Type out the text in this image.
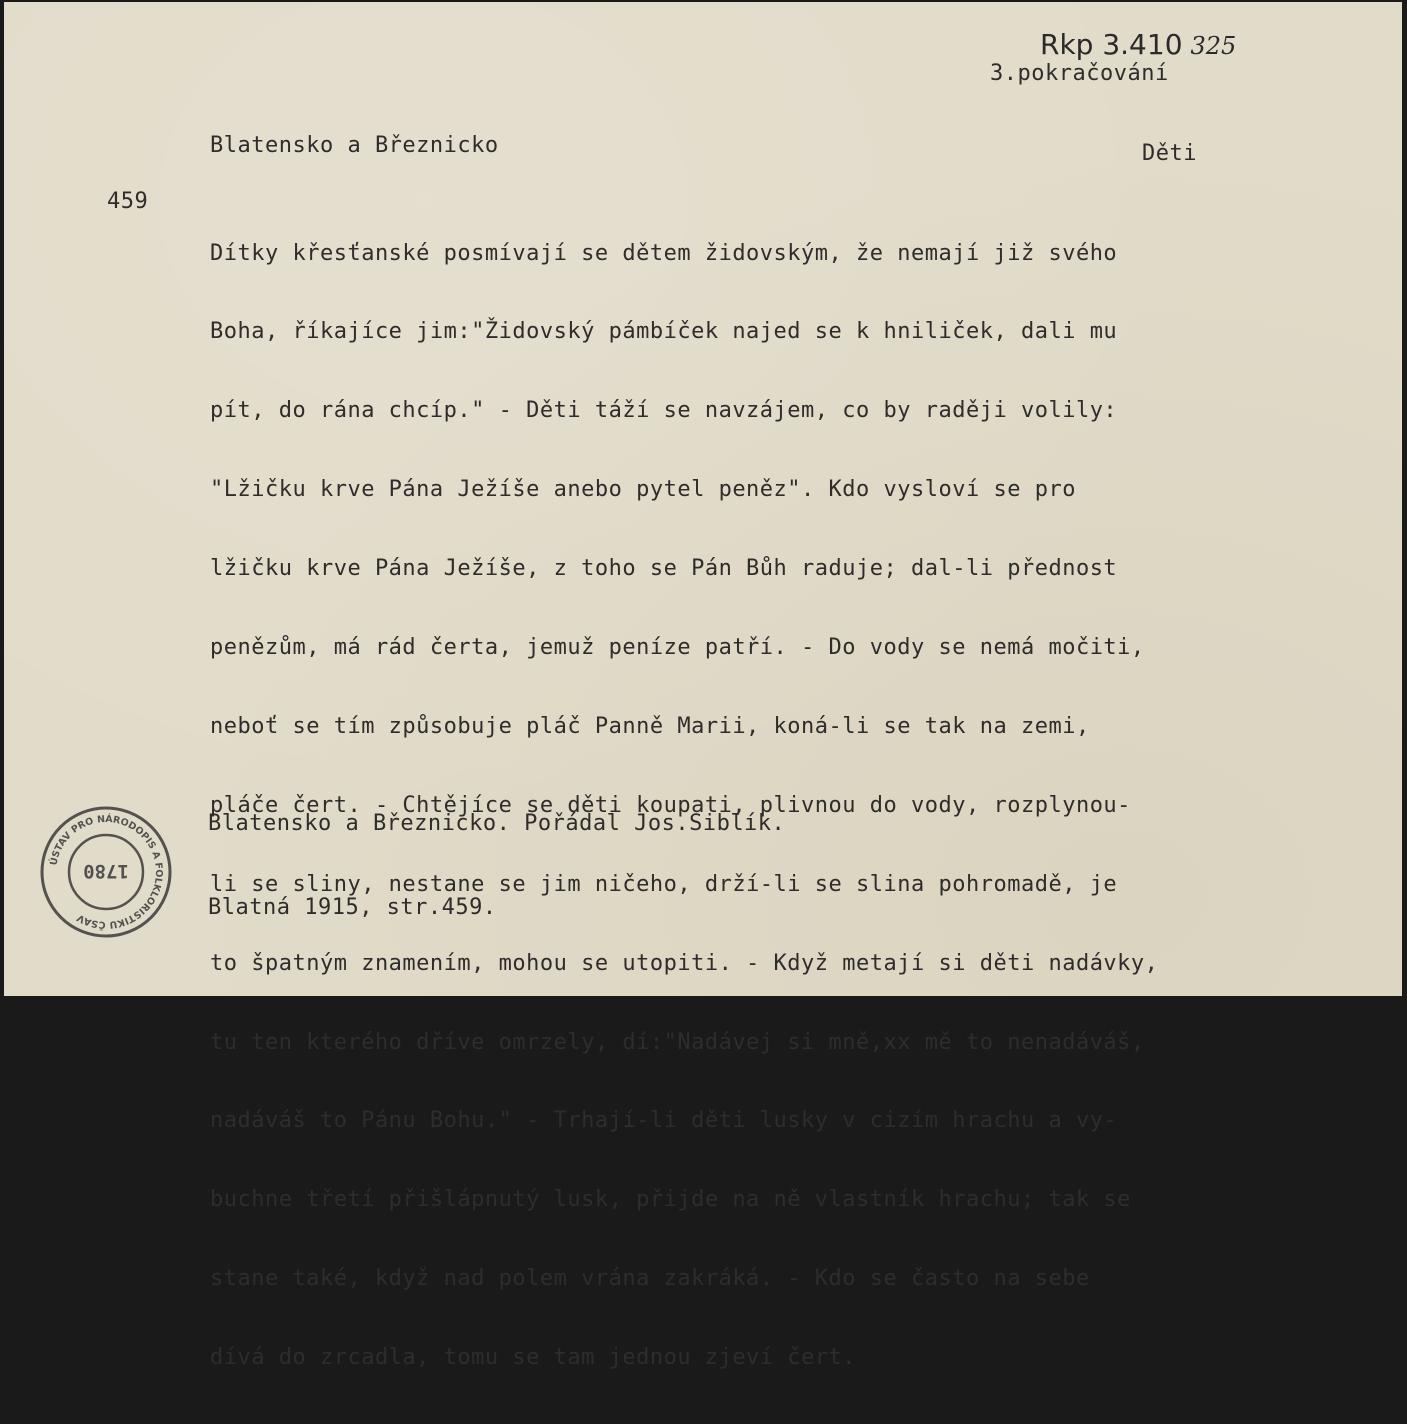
Rkp 3.410 325
3.pokračování
Blatensko a Březnicko	Děti
459

Dítky křesťanské posmívají se dětem židovským, že nemají již svého

Boha, říkajíce jim:"Židovský pámbíček najed se k hniliček, dali mu

pít, do rána chcíp." - Děti táží se navzájem, co by raději volily:

"Lžičku krve Pána Ježíše anebo pytel peněz". Kdo vysloví se pro

lžičku krve Pána Ježíše, z toho se Pán Bůh raduje; dal-li přednost

penězům, má rád čerta, jemuž peníze patří. - Do vody se nemá močiti,

neboť se tím způsobuje pláč Panně Marii, koná-li se tak na zemi,

pláče čert. - Chtějíce se děti koupati, plivnou do vody, rozplynou-

li se sliny, nestane se jim ničeho, drží-li se slina pohromadě, je

to špatným znamením, mohou se utopiti. - Když metají si děti nadávky,

tu ten kterého dříve omrzely, dí:"Nadávej si mně,xx mě to nenadáváš,

nadáváš to Pánu Bohu." - Trhají-li děti lusky v cizím hrachu a vy-

buchne třetí přišlápnutý lusk, přijde na ně vlastník hrachu; tak se

stane také, když nad polem vrána zakráká. - Kdo se často na sebe

dívá do zrcadla, tomu se tam jednou zjeví čert.

Blatensko a Březnicko. Pořádal Jos.Siblík.

Blatná 1915, str.459.

ÚSTAV PRO NÁRODOPIS A FOLKLORISTIKU ČSAV
1780
